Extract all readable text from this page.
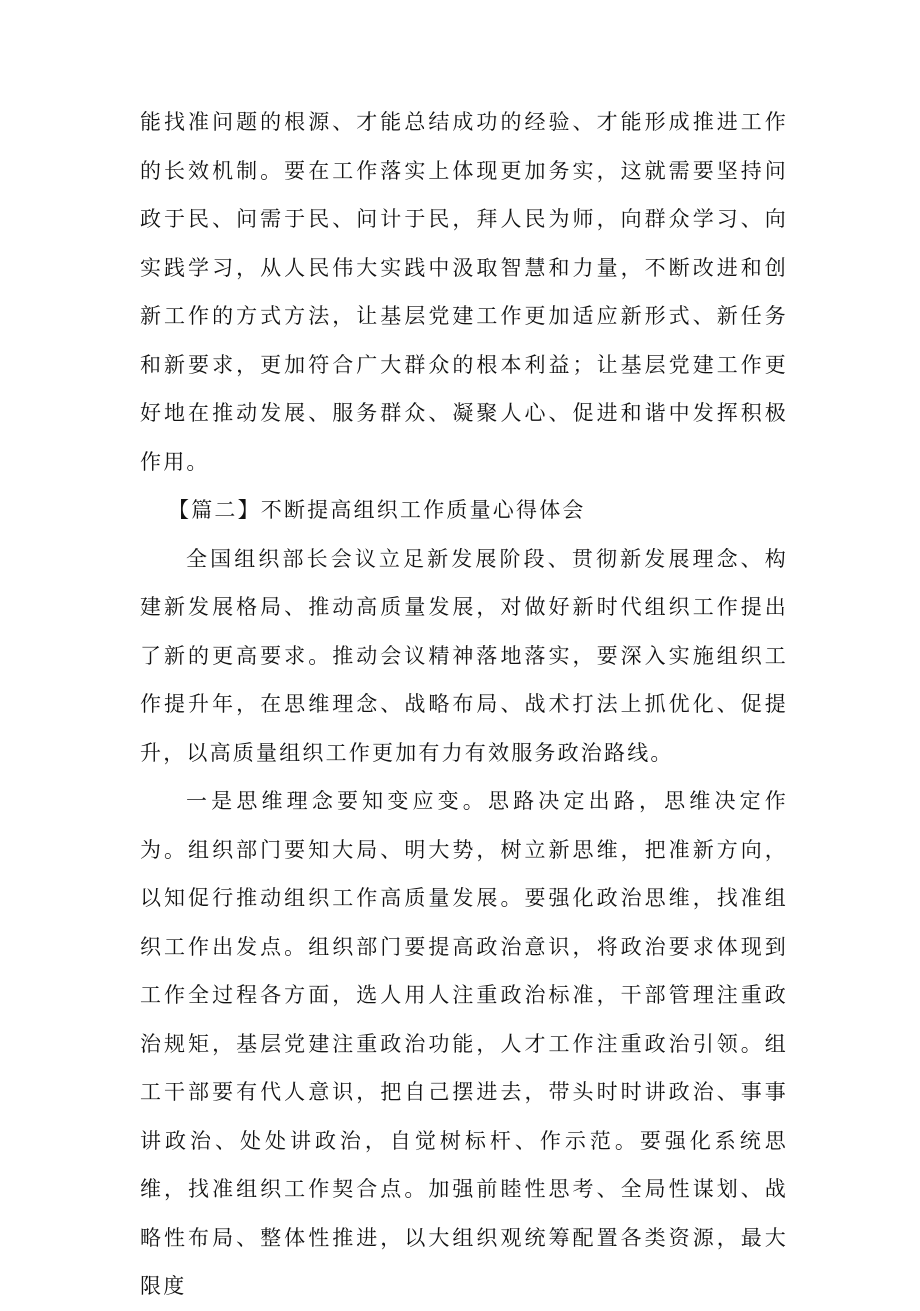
能找准问题的根源、才能总结成功的经验、才能形成推进工作的长效机制。要在工作落实上体现更加务实，这就需要坚持问政于民、问需于民、问计于民，拜人民为师，向群众学习、向实践学习，从人民伟大实践中汲取智慧和力量，不断改进和创新工作的方式方法，让基层党建工作更加适应新形式、新任务和新要求，更加符合广大群众的根本利益；让基层党建工作更好地在推动发展、服务群众、凝聚人心、促进和谐中发挥积极作用。

【篇二】不断提高组织工作质量心得体会

全国组织部长会议立足新发展阶段、贯彻新发展理念、构建新发展格局、推动高质量发展，对做好新时代组织工作提出了新的更高要求。推动会议精神落地落实，要深入实施组织工作提升年，在思维理念、战略布局、战术打法上抓优化、促提升，以高质量组织工作更加有力有效服务政治路线。

一是思维理念要知变应变。思路决定出路，思维决定作为。组织部门要知大局、明大势，树立新思维，把准新方向，以知促行推动组织工作高质量发展。要强化政治思维，找准组织工作出发点。组织部门要提高政治意识，将政治要求体现到工作全过程各方面，选人用人注重政治标准，干部管理注重政治规矩，基层党建注重政治功能，人才工作注重政治引领。组工干部要有代人意识，把自己摆进去，带头时时讲政治、事事讲政治、处处讲政治，自觉树标杆、作示范。要强化系统思维，找准组织工作契合点。加强前睦性思考、全局性谋划、战略性布局、整体性推进，以大组织观统筹配置各类资源，最大限度
